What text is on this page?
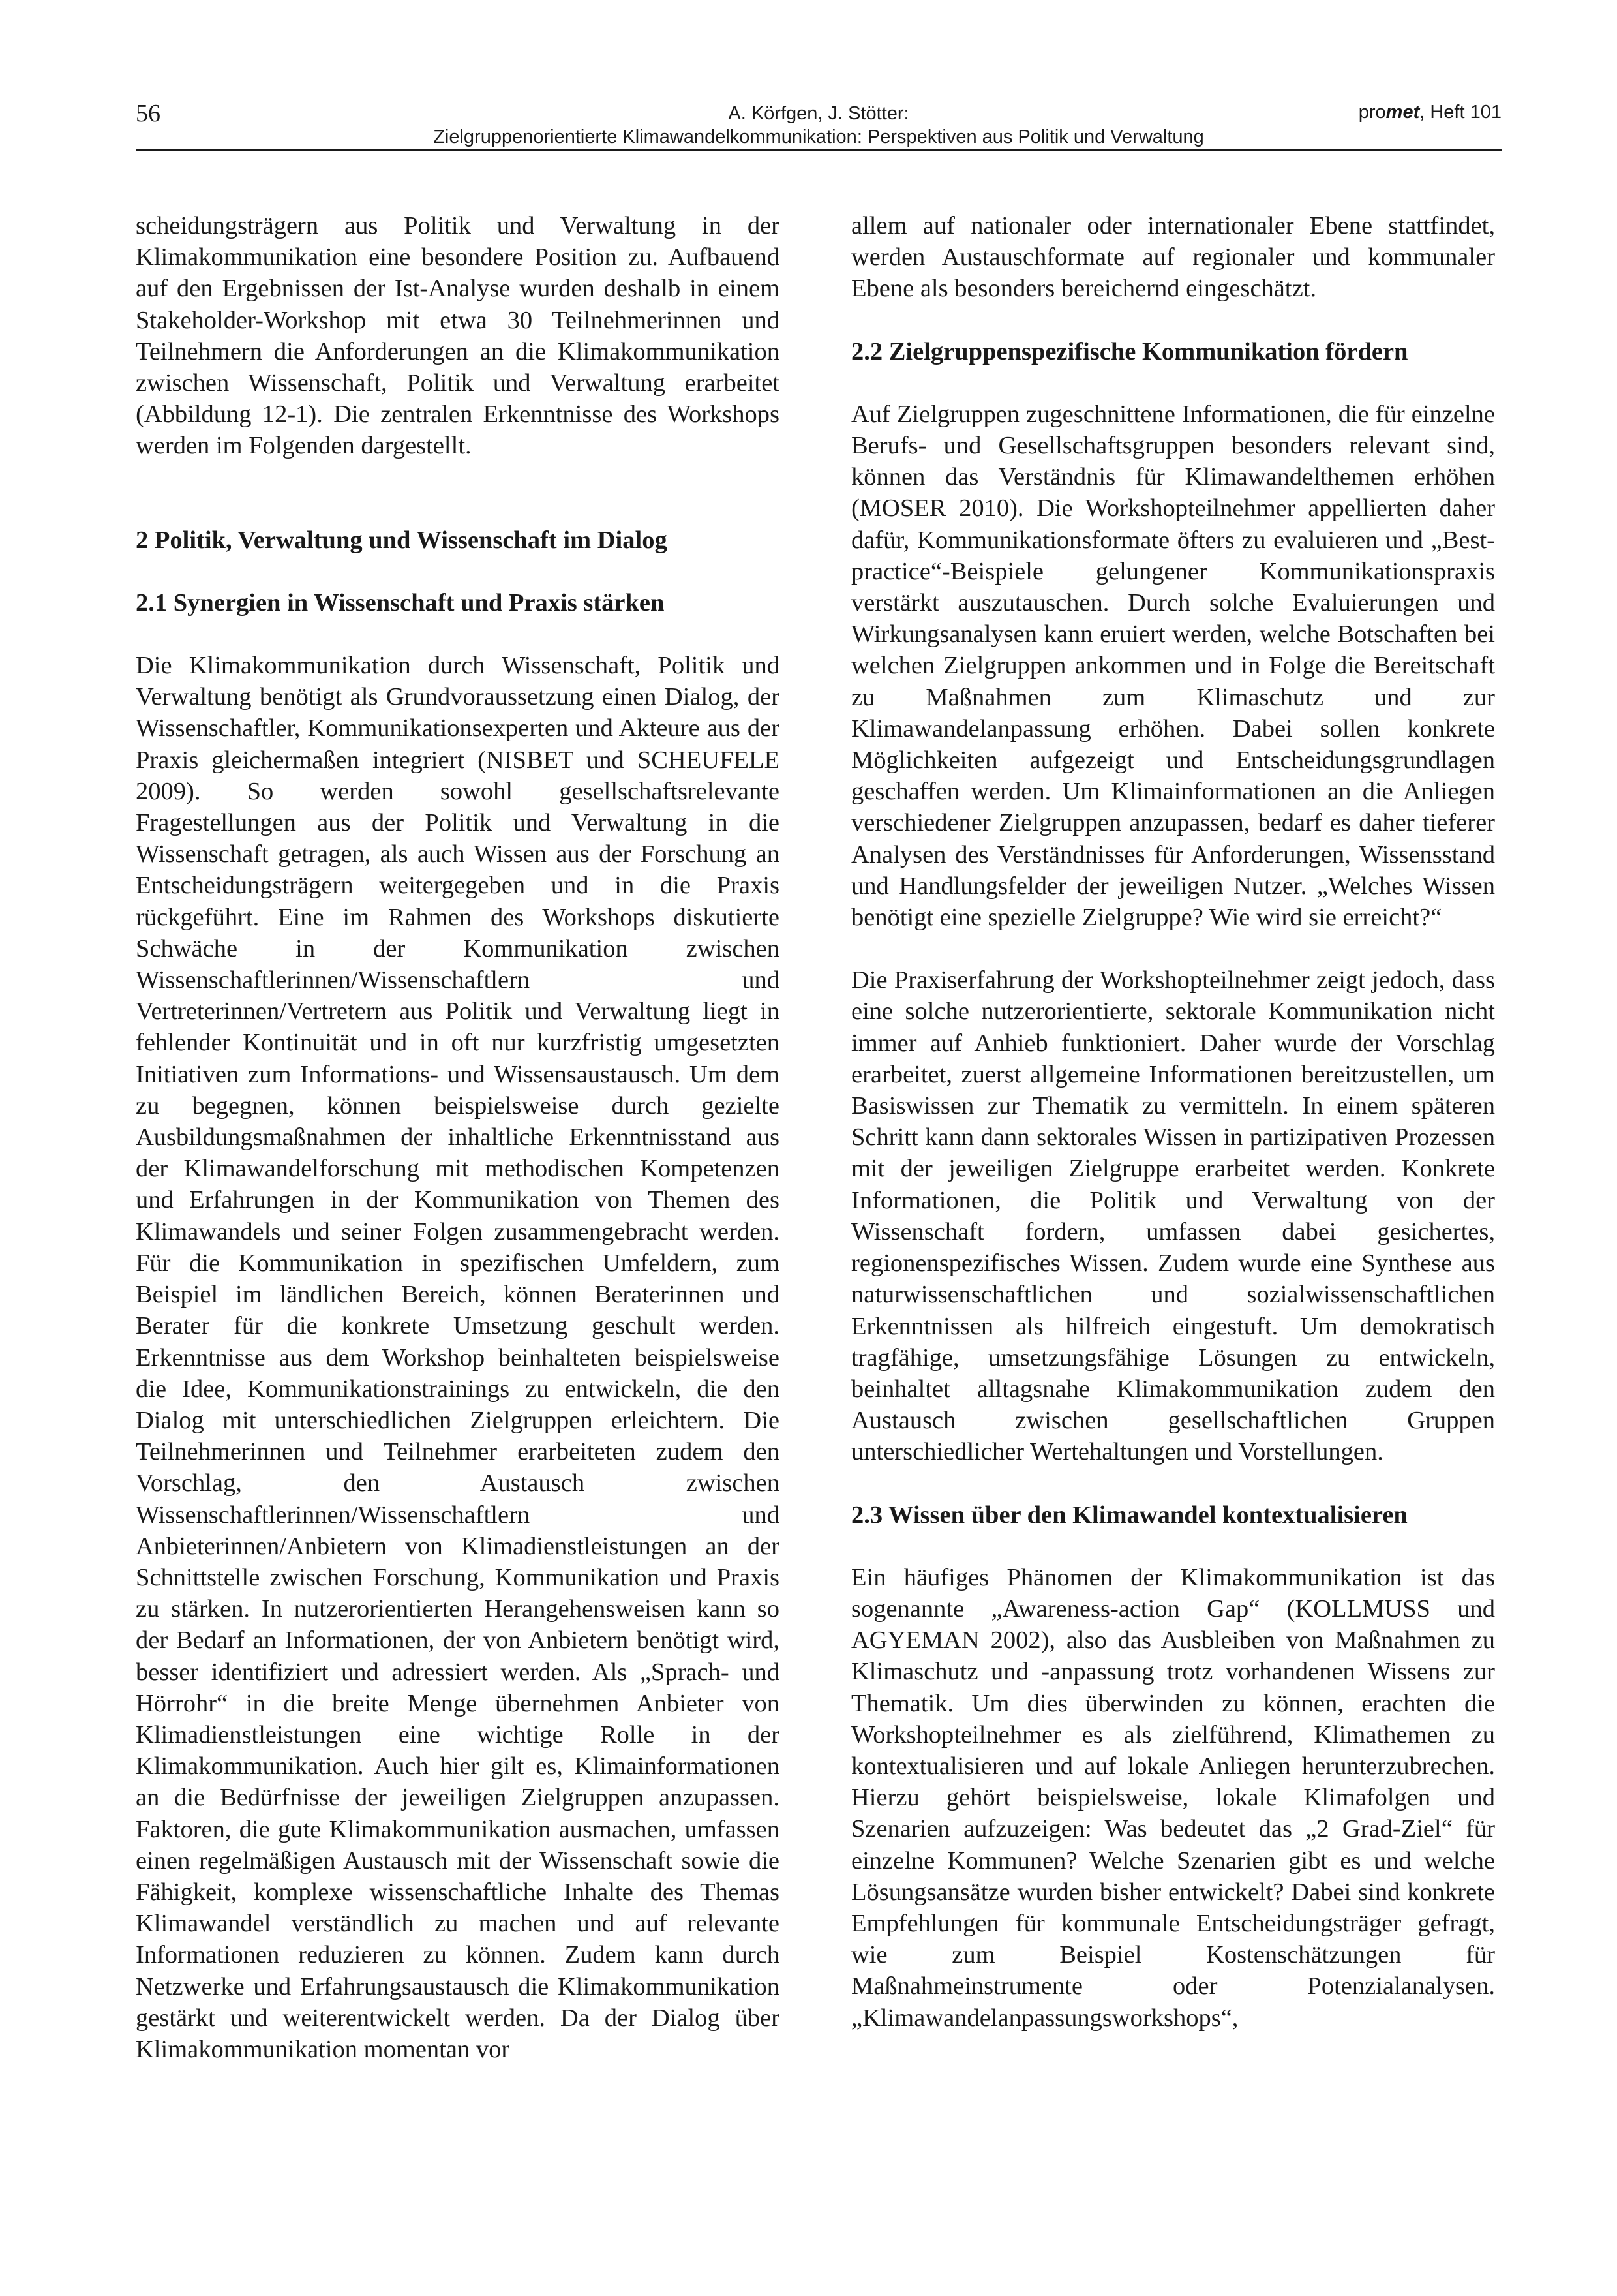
56	A. Körfgen, J. Stötter:
Zielgruppenorientierte Klimawandelkommunikation: Perspektiven aus Politik und Verwaltung
promet, Heft 101

scheidungsträgern aus Politik und Verwaltung in der Klimakommunikation eine besondere Position zu. Aufbauend auf den Ergebnissen der Ist-Analyse wurden deshalb in einem Stakeholder-Workshop mit etwa 30 Teilnehmerinnen und Teilnehmern die Anforderungen an die Klimakommunikation zwischen Wissenschaft, Politik und Verwaltung erarbeitet (Abbildung 12-1). Die zentralen Erkenntnisse des Workshops werden im Folgenden dargestellt.

2 Politik, Verwaltung und Wissenschaft im Dialog

2.1 Synergien in Wissenschaft und Praxis stärken

Die Klimakommunikation durch Wissenschaft, Politik und Verwaltung benötigt als Grundvoraussetzung einen Dialog, der Wissenschaftler, Kommunikationsexperten und Akteure aus der Praxis gleichermaßen integriert (NISBET und SCHEUFELE 2009). So werden sowohl gesellschaftsrelevante Fragestellungen aus der Politik und Verwaltung in die Wissenschaft getragen, als auch Wissen aus der Forschung an Entscheidungsträgern weitergegeben und in die Praxis rückgeführt. Eine im Rahmen des Workshops diskutierte Schwäche in der Kommunikation zwischen Wissenschaftlerinnen/Wissenschaftlern und Vertreterinnen/Vertretern aus Politik und Verwaltung liegt in fehlender Kontinuität und in oft nur kurzfristig umgesetzten Initiativen zum Informations- und Wissensaustausch. Um dem zu begegnen, können beispielsweise durch gezielte Ausbildungsmaßnahmen der inhaltliche Erkenntnisstand aus der Klimawandelforschung mit methodischen Kompetenzen und Erfahrungen in der Kommunikation von Themen des Klimawandels und seiner Folgen zusammengebracht werden. Für die Kommunikation in spezifischen Umfeldern, zum Beispiel im ländlichen Bereich, können Beraterinnen und Berater für die konkrete Umsetzung geschult werden. Erkenntnisse aus dem Workshop beinhalteten beispielsweise die Idee, Kommunikationstrainings zu entwickeln, die den Dialog mit unterschiedlichen Zielgruppen erleichtern. Die Teilnehmerinnen und Teilnehmer erarbeiteten zudem den Vorschlag, den Austausch zwischen Wissenschaftlerinnen/Wissenschaftlern und Anbieterinnen/Anbietern von Klimadienstleistungen an der Schnittstelle zwischen Forschung, Kommunikation und Praxis zu stärken. In nutzerorientierten Herangehensweisen kann so der Bedarf an Informationen, der von Anbietern benötigt wird, besser identifiziert und adressiert werden. Als „Sprach- und Hörrohr“ in die breite Menge übernehmen Anbieter von Klimadienstleistungen eine wichtige Rolle in der Klimakommunikation. Auch hier gilt es, Klimainformationen an die Bedürfnisse der jeweiligen Zielgruppen anzupassen. Faktoren, die gute Klimakommunikation ausmachen, umfassen einen regelmäßigen Austausch mit der Wissenschaft sowie die Fähigkeit, komplexe wissenschaftliche Inhalte des Themas Klimawandel verständlich zu machen und auf relevante Informationen reduzieren zu können. Zudem kann durch Netzwerke und Erfahrungsaustausch die Klimakommunikation gestärkt und weiterentwickelt werden. Da der Dialog über Klimakommunikation momentan vor

allem auf nationaler oder internationaler Ebene stattfindet, werden Austauschformate auf regionaler und kommunaler Ebene als besonders bereichernd eingeschätzt.

2.2 Zielgruppenspezifische Kommunikation fördern

Auf Zielgruppen zugeschnittene Informationen, die für einzelne Berufs- und Gesellschaftsgruppen besonders relevant sind, können das Verständnis für Klimawandelthemen erhöhen (MOSER 2010). Die Workshopteilnehmer appellierten daher dafür, Kommunikationsformate öfters zu evaluieren und „Best-practice“-Beispiele gelungener Kommunikationspraxis verstärkt auszutauschen. Durch solche Evaluierungen und Wirkungsanalysen kann eruiert werden, welche Botschaften bei welchen Zielgruppen ankommen und in Folge die Bereitschaft zu Maßnahmen zum Klimaschutz und zur Klimawandelanpassung erhöhen. Dabei sollen konkrete Möglichkeiten aufgezeigt und Entscheidungsgrundlagen geschaffen werden. Um Klimainformationen an die Anliegen verschiedener Zielgruppen anzupassen, bedarf es daher tieferer Analysen des Verständnisses für Anforderungen, Wissensstand und Handlungsfelder der jeweiligen Nutzer. „Welches Wissen benötigt eine spezielle Zielgruppe? Wie wird sie erreicht?“

Die Praxiserfahrung der Workshopteilnehmer zeigt jedoch, dass eine solche nutzerorientierte, sektorale Kommunikation nicht immer auf Anhieb funktioniert. Daher wurde der Vorschlag erarbeitet, zuerst allgemeine Informationen bereitzustellen, um Basiswissen zur Thematik zu vermitteln. In einem späteren Schritt kann dann sektorales Wissen in partizipativen Prozessen mit der jeweiligen Zielgruppe erarbeitet werden. Konkrete Informationen, die Politik und Verwaltung von der Wissenschaft fordern, umfassen dabei gesichertes, regionenspezifisches Wissen. Zudem wurde eine Synthese aus naturwissenschaftlichen und sozialwissenschaftlichen Erkenntnissen als hilfreich eingestuft. Um demokratisch tragfähige, umsetzungsfähige Lösungen zu entwickeln, beinhaltet alltagsnahe Klimakommunikation zudem den Austausch zwischen gesellschaftlichen Gruppen unterschiedlicher Wertehaltungen und Vorstellungen.

2.3 Wissen über den Klimawandel kontextualisieren

Ein häufiges Phänomen der Klimakommunikation ist das sogenannte „Awareness-action Gap“ (KOLLMUSS und AGYEMAN 2002), also das Ausbleiben von Maßnahmen zu Klimaschutz und -anpassung trotz vorhandenen Wissens zur Thematik. Um dies überwinden zu können, erachten die Workshopteilnehmer es als zielführend, Klimathemen zu kontextualisieren und auf lokale Anliegen herunterzubrechen. Hierzu gehört beispielsweise, lokale Klimafolgen und Szenarien aufzuzeigen: Was bedeutet das „2 Grad-Ziel“ für einzelne Kommunen? Welche Szenarien gibt es und welche Lösungsansätze wurden bisher entwickelt? Dabei sind konkrete Empfehlungen für kommunale Entscheidungsträger gefragt, wie zum Beispiel Kostenschätzungen für Maßnahmeinstrumente oder Potenzialanalysen. „Klimawandelanpassungsworkshops“,
